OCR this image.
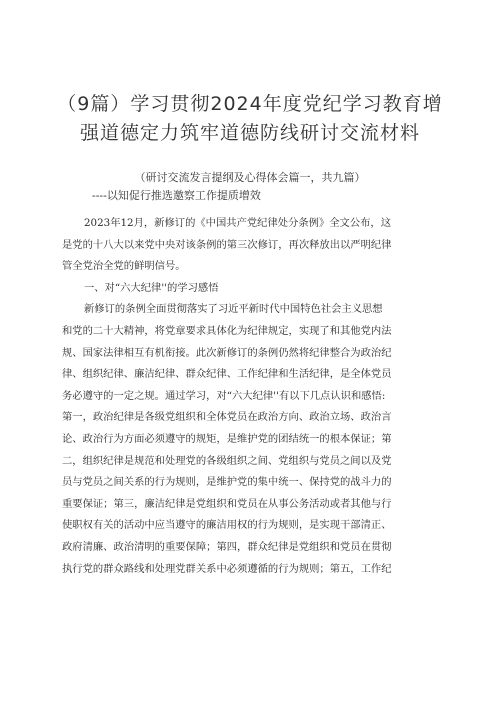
（9篇）学习贯彻2024年度党纪学习教育增
强道德定力筑牢道德防线研讨交流材料
（研讨交流发言提纲及心得体会篇一，共九篇）
----以知促行推选邀察工作提质增效
2023年12月，新修订的《中国共产党纪律处分条例》全文公布，这
是党的十八大以来党中央对该条例的第三次修订，再次释放出以严明纪律
管全党治全党的鲜明信号。
一、对“六大纪律''的学习感悟
新修订的条例全面贯彻落实了习近平新时代中国特色社会主义思想
和党的二十大精神，将党章要求具体化为纪律规定，实现了和其他党内法
规、国家法律相互有机衔接。此次新修订的条例仍然将纪律整合为政治纪
律、组织纪律、廉洁纪律、群众纪律、工作纪律和生活纪律，是全体党员
务必遵守的一定之规。通过学习，对“六大纪律''有以下几点认识和感悟:
第一，政治纪律是各级党组织和全体党员在政治方向、政治立场、政治言
论、政治行为方面必须遵守的规矩，是维护党的团结统一的根本保证；第
二，组织纪律是规范和处理党的各级组织之间、党组织与党员之间以及党
员与党员之间关系的行为规则，是维护党的集中统一、保持党的战斗力的
重要保证；第三，廉洁纪律是党组织和党员在从事公务活动或者其他与行
使职权有关的活动中应当遵守的廉洁用权的行为规则，是实现干部清正、
政府清廉、政治清明的重要保障；第四，群众纪律是党组织和党员在贯彻
执行党的群众路线和处理党群关系中必须遵循的行为规则；第五，工作纪
